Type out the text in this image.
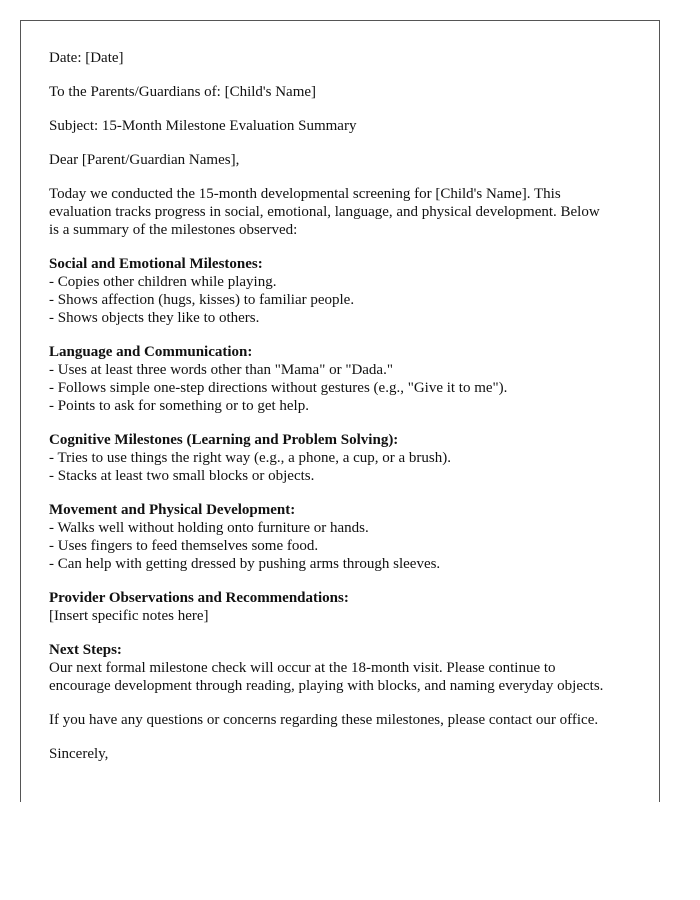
Date: [Date]

To the Parents/Guardians of: [Child's Name]

Subject: 15-Month Milestone Evaluation Summary

Dear [Parent/Guardian Names],

Today we conducted the 15-month developmental screening for [Child's Name]. This evaluation tracks progress in social, emotional, language, and physical development. Below is a summary of the milestones observed:

Social and Emotional Milestones:
- Copies other children while playing.
- Shows affection (hugs, kisses) to familiar people.
- Shows objects they like to others.
Language and Communication:
- Uses at least three words other than "Mama" or "Dada."
- Follows simple one-step directions without gestures (e.g., "Give it to me").
- Points to ask for something or to get help.
Cognitive Milestones (Learning and Problem Solving):
- Tries to use things the right way (e.g., a phone, a cup, or a brush).
- Stacks at least two small blocks or objects.
Movement and Physical Development:
- Walks well without holding onto furniture or hands.
- Uses fingers to feed themselves some food.
- Can help with getting dressed by pushing arms through sleeves.
Provider Observations and Recommendations:
[Insert specific notes here]
Next Steps:
Our next formal milestone check will occur at the 18-month visit. Please continue to encourage development through reading, playing with blocks, and naming everyday objects.

If you have any questions or concerns regarding these milestones, please contact our office.

Sincerely,
